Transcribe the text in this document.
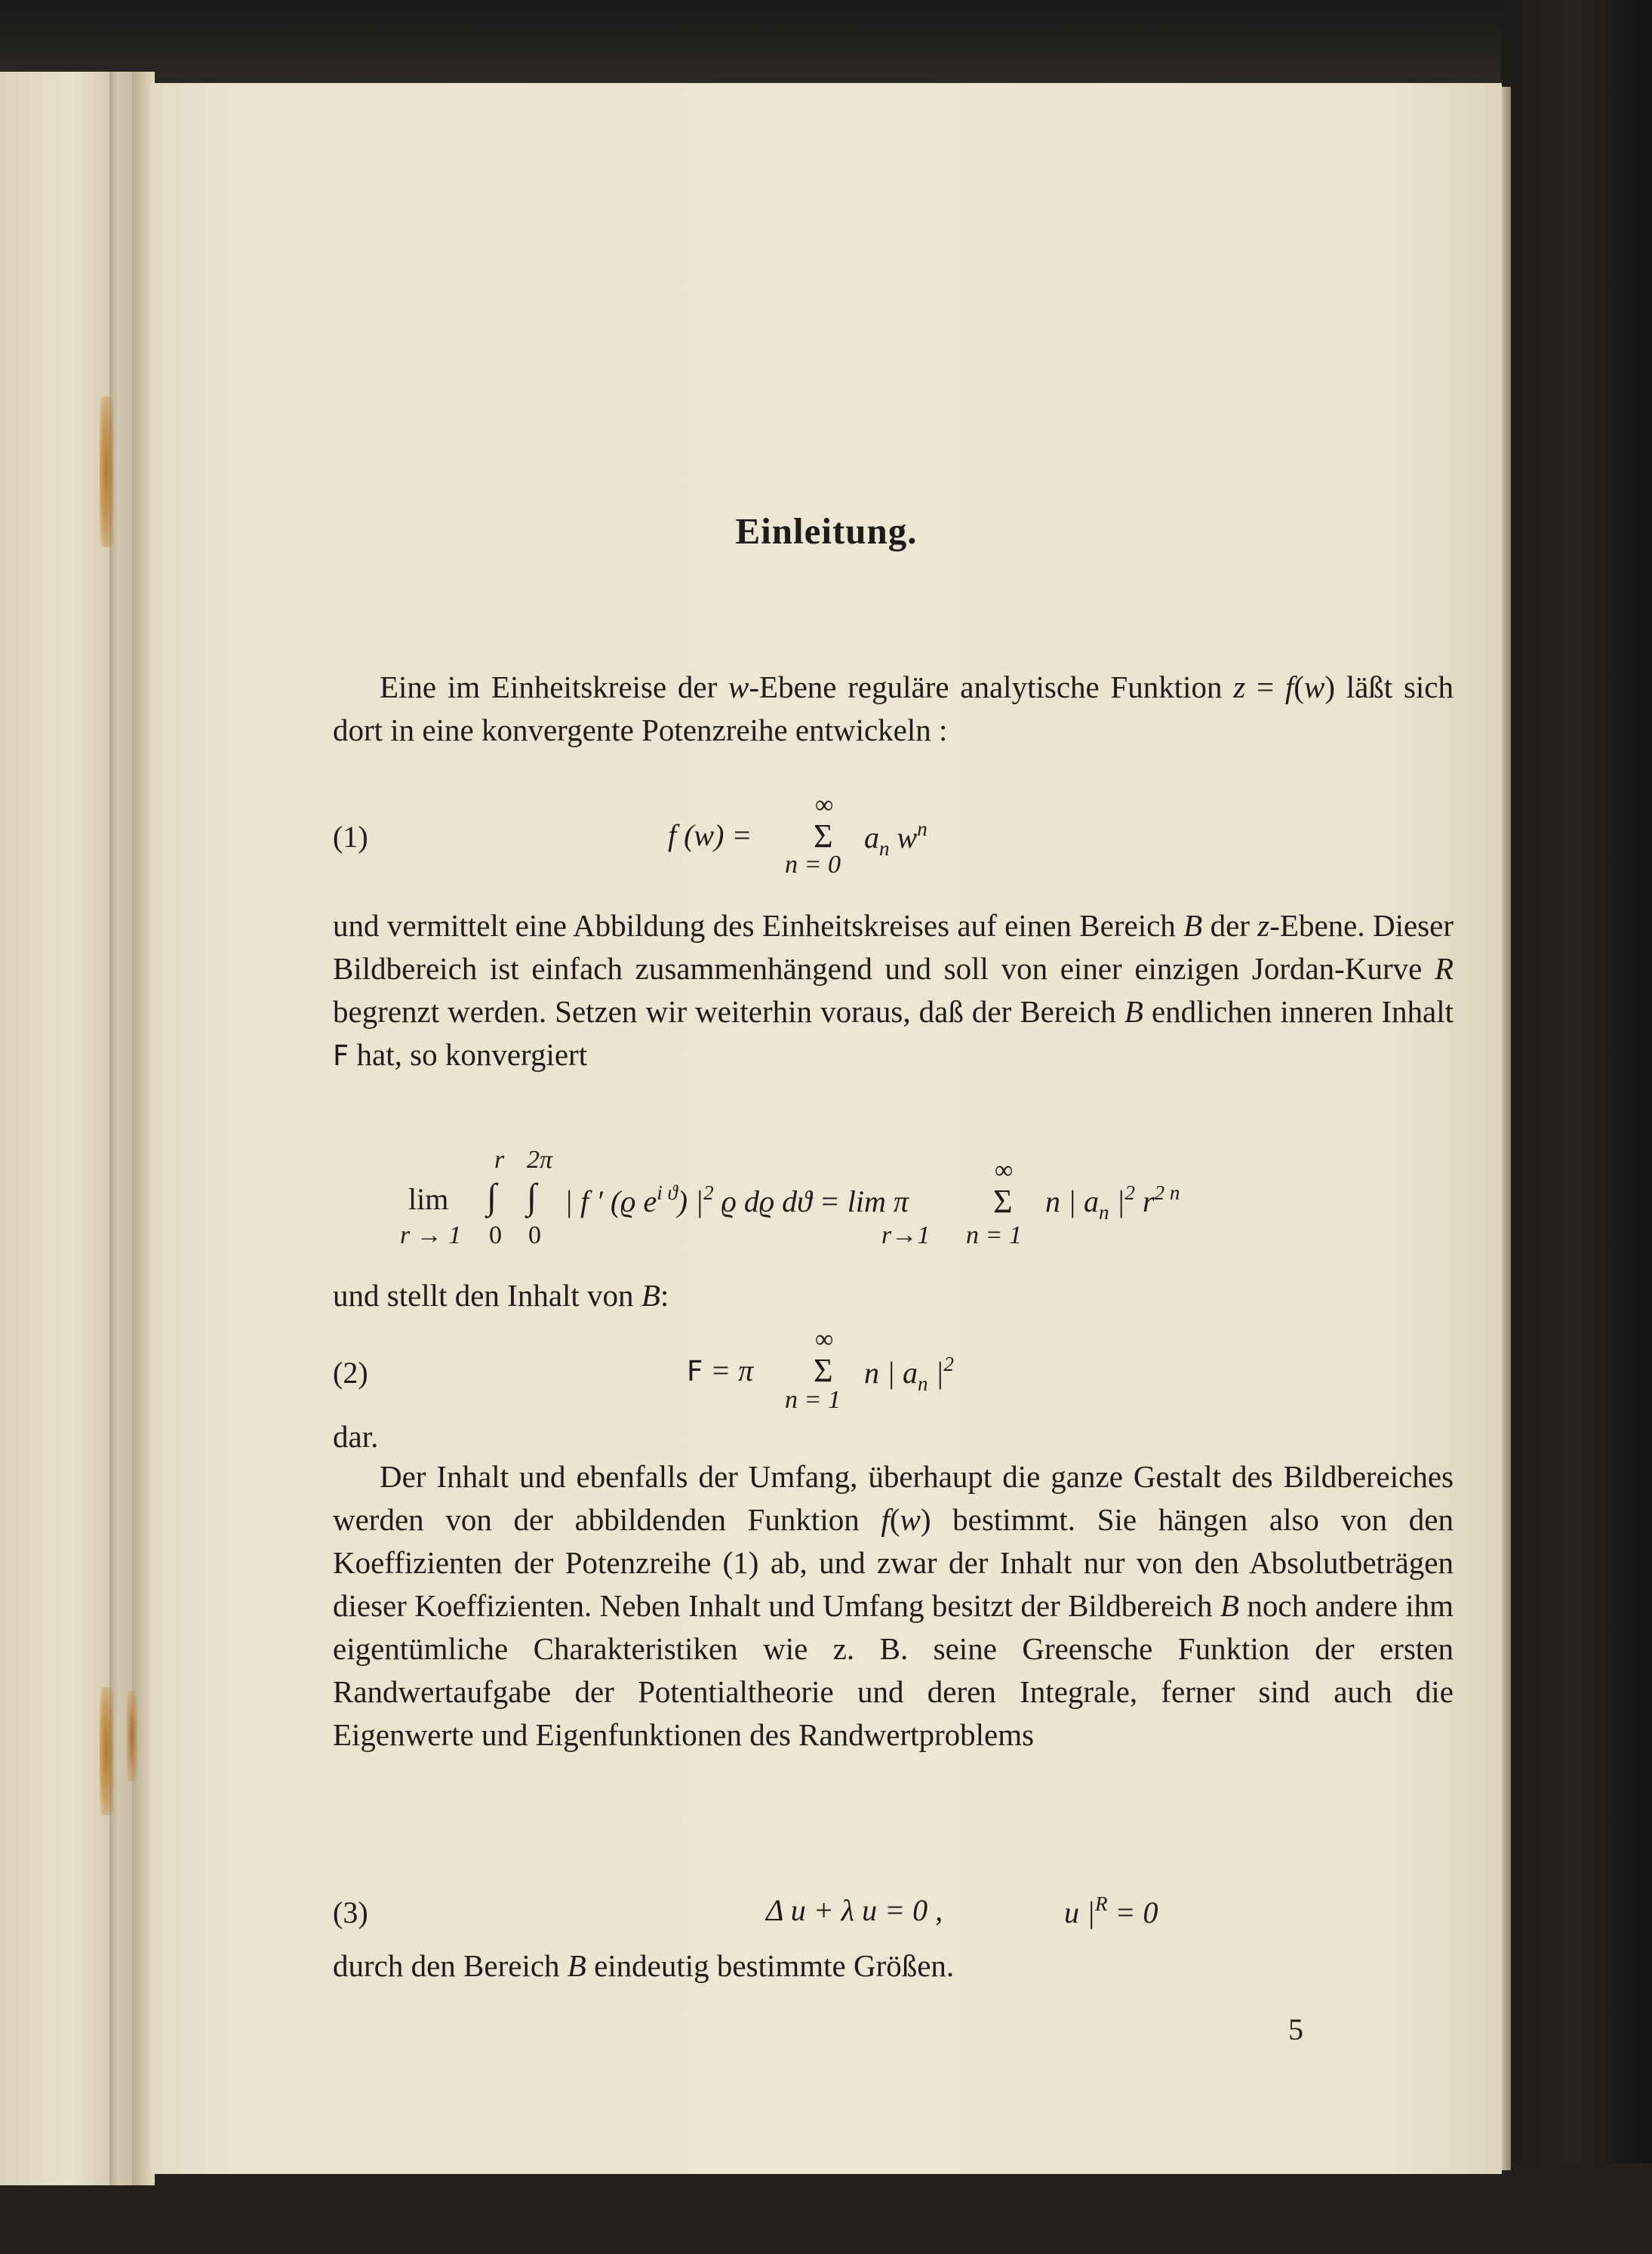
Einleitung.

Eine im Einheitskreise der w-Ebene reguläre analytische Funktion z = f(w) läßt sich dort in eine konvergente Potenzreihe entwickeln :

(1)	f (w) =
∞
Σ
n = 0
$a_n$ $w^n$

und vermittelt eine Abbildung des Einheitskreises auf einen Bereich B der z-Ebene. Dieser Bildbereich ist einfach zusammenhängend und soll von einer einzigen Jordan-Kurve R begrenzt werden. Setzen wir weiterhin voraus, daß der Bereich B endlichen inneren Inhalt F hat, so konvergiert

lim
r → 1
r
∫
0
2π
∫
0
| f ′ (ϱ $e^{i ϑ}$) $|^2$ ϱ dϱ dϑ = lim π
r→1
∞
Σ
n = 1
n | $a_n$ $|^2$ $r^{2 n}$

und stellt den Inhalt von B:

(2)	F = π
∞
Σ
n = 1
n | $a_n$ $|^2$

dar.

Der Inhalt und ebenfalls der Umfang, überhaupt die ganze Gestalt des Bildbereiches werden von der abbildenden Funktion f(w) bestimmt. Sie hängen also von den Koeffizienten der Potenzreihe (1) ab, und zwar der Inhalt nur von den Absolutbeträgen dieser Koeffizienten. Neben Inhalt und Umfang besitzt der Bildbereich B noch andere ihm eigentümliche Charakteristiken wie z. B. seine Greensche Funktion der ersten Randwertaufgabe der Potentialtheorie und deren Integrale, ferner sind auch die Eigenwerte und Eigenfunktionen des Randwertproblems

(3)	Δ u + λ u = 0 ,	u $|^R = 0$

durch den Bereich B eindeutig bestimmte Größen.

5
